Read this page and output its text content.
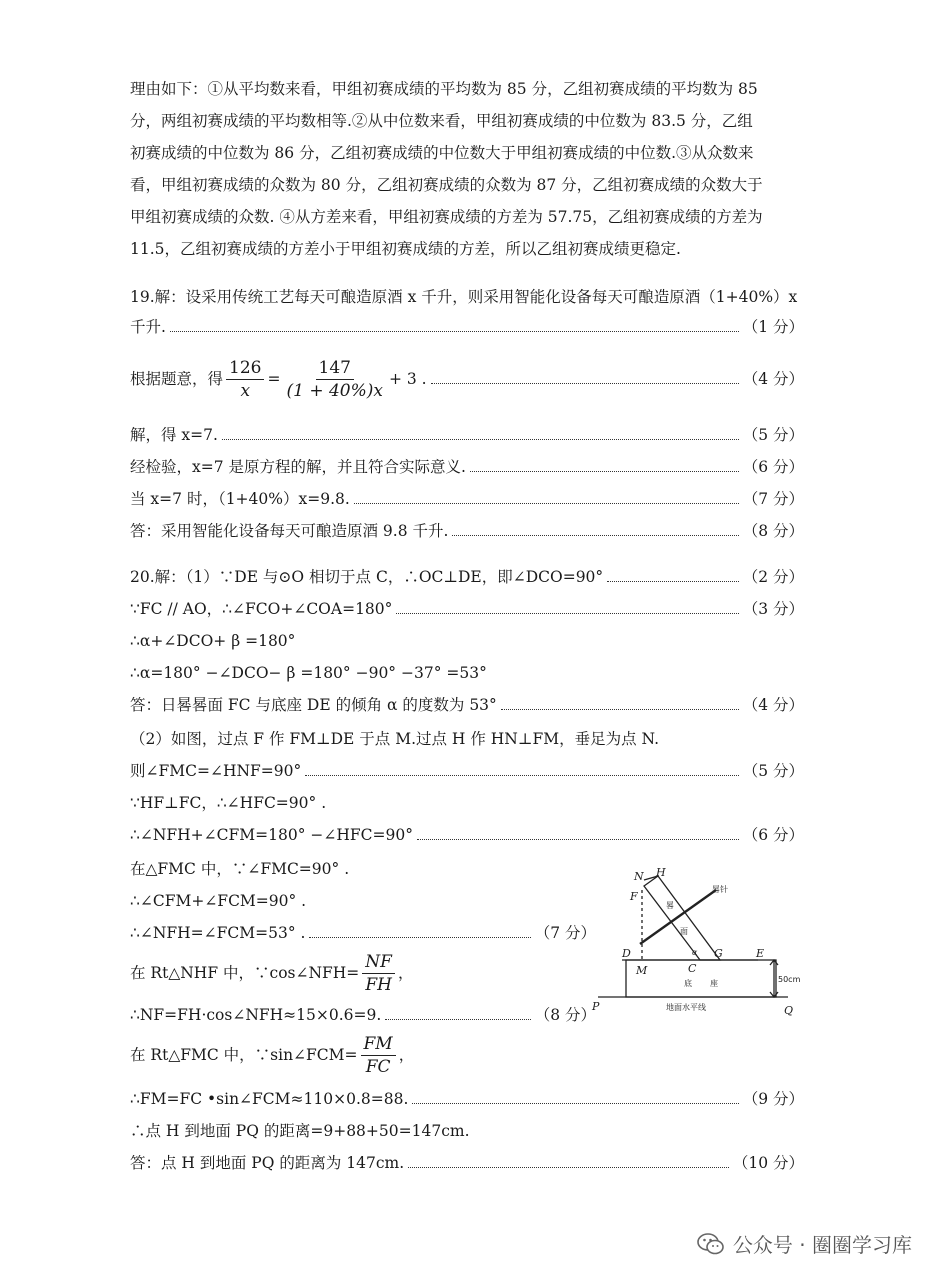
理由如下：①从平均数来看，甲组初赛成绩的平均数为 85 分，乙组初赛成绩的平均数为 85
分，两组初赛成绩的平均数相等.②从中位数来看，甲组初赛成绩的中位数为 83.5 分，乙组
初赛成绩的中位数为 86 分，乙组初赛成绩的中位数大于甲组初赛成绩的中位数.③从众数来
看，甲组初赛成绩的众数为 80 分，乙组初赛成绩的众数为 87 分，乙组初赛成绩的众数大于
甲组初赛成绩的众数. ④从方差来看，甲组初赛成绩的方差为 57.75，乙组初赛成绩的方差为
11.5，乙组初赛成绩的方差小于甲组初赛成绩的方差，所以乙组初赛成绩更稳定.
19.解：设采用传统工艺每天可酿造原酒 x 千升，则采用智能化设备每天可酿造原酒（1+40%）x
千升.	（1 分）
根据题意，得 $\frac{126}{x} = \frac{147}{(1 + 40\%)x} + 3$ .	（4 分）
解，得 x=7.	（5 分）
经检验，x=7 是原方程的解，并且符合实际意义.	（6 分）
当 x=7 时，（1+40%）x=9.8.	（7 分）
答：采用智能化设备每天可酿造原酒 9.8 千升.	（8 分）
20.解：（1）∵DE 与⊙O 相切于点 C，∴OC⊥DE，即∠DCO=90°	（2 分）
∵FC // AO，∴∠FCO+∠COA=180°	（3 分）
∴α+∠DCO+ β =180°
∴α=180° −∠DCO− β =180° −90° −37° =53°
答：日晷晷面 FC 与底座 DE 的倾角 α 的度数为 53°	（4 分）
（2）如图，过点 F 作 FM⊥DE 于点 M.过点 H 作 HN⊥FM，垂足为点 N.
则∠FMC=∠HNF=90°	（5 分）
∵HF⊥FC，∴∠HFC=90° .
∴∠NFH+∠CFM=180° −∠HFC=90°	（6 分）
在△FMC 中，∵∠FMC=90° .
∴∠CFM+∠FCM=90° .
∴∠NFH=∠FCM=53° .	（7 分）
在 Rt△NHF 中，∵cos∠NFH= $\frac{NF}{FH}$ ，
∴NF=FH·cos∠NFH≈15×0.6=9.	（8 分）
在 Rt△FMC 中，∵sin∠FCM= $\frac{FM}{FC}$ ，
∴FM=FC •sin∠FCM≈110×0.8=88.	（9 分）
∴点 H 到地面 PQ 的距离=9+88+50=147cm.
答：点 H 到地面 PQ 的距离为 147cm.	（10 分）
N H
F
D
M	C
G	E
P	Q
α
晷针
晷
面
底 座	50cm
地面水平线
公众号 · 圈圈学习库
